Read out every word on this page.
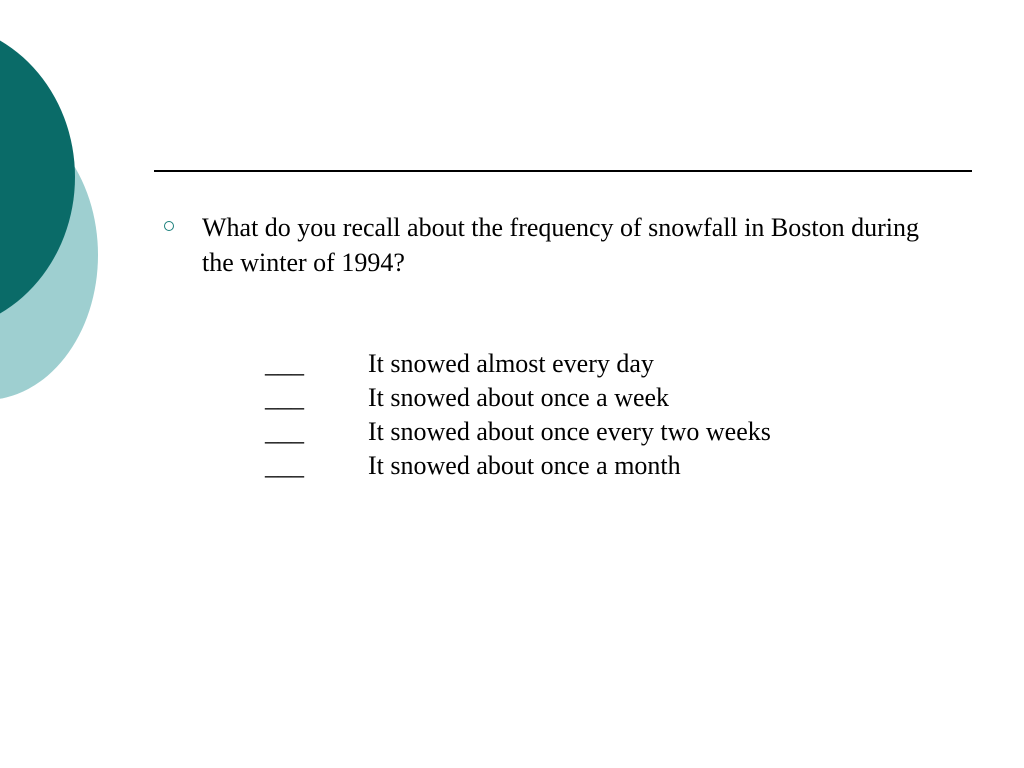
What do you recall about the frequency of snowfall in Boston during the winter of 1994?
___	It snowed almost every day
___	It snowed about once a week
___	It snowed about once every two weeks
___	It snowed about once a month
